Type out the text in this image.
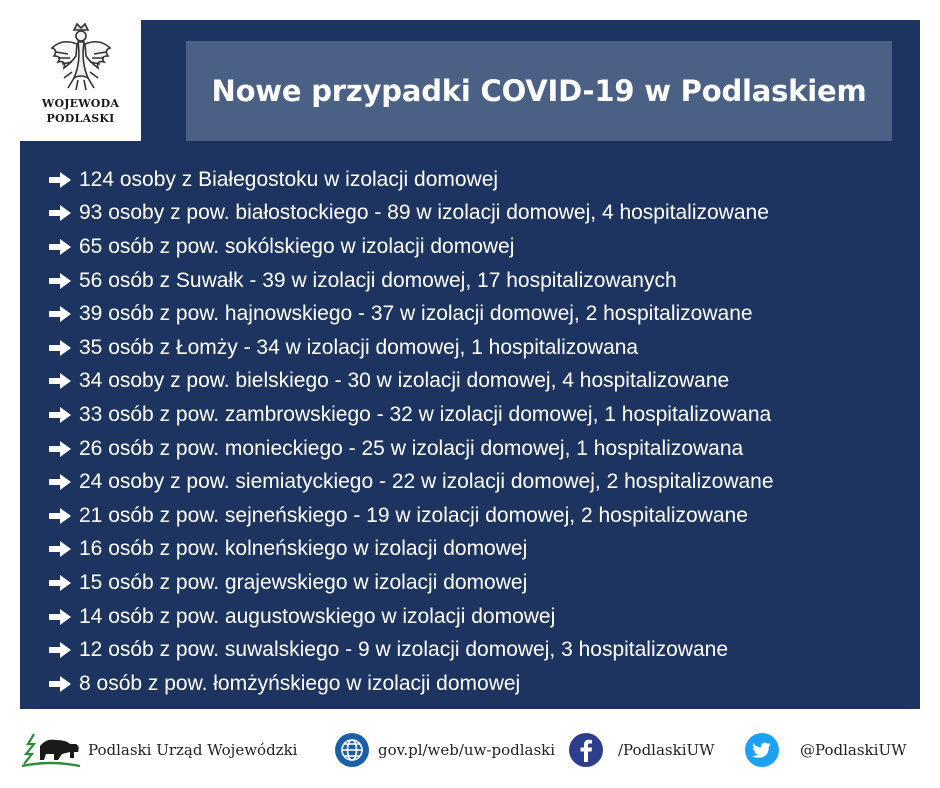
WOJEWODA PODLASKI
Nowe przypadki COVID-19 w Podlaskiem
124 osoby z Białegostoku w izolacji domowej
93 osoby z pow. białostockiego - 89 w izolacji domowej, 4 hospitalizowane
65 osób z pow. sokólskiego w izolacji domowej
56 osób z Suwałk - 39 w izolacji domowej, 17 hospitalizowanych
39 osób z pow. hajnowskiego - 37 w izolacji domowej, 2 hospitalizowane
35 osób z Łomży - 34 w izolacji domowej, 1 hospitalizowana
34 osoby z pow. bielskiego - 30 w izolacji domowej, 4 hospitalizowane
33 osób z pow. zambrowskiego - 32 w izolacji domowej, 1 hospitalizowana
26 osób z pow. monieckiego - 25 w izolacji domowej, 1 hospitalizowana
24 osoby z pow. siemiatyckiego - 22 w izolacji domowej, 2 hospitalizowane
21 osób z pow. sejneńskiego - 19 w izolacji domowej, 2 hospitalizowane
16 osób z pow. kolneńskiego w izolacji domowej
15 osób z pow. grajewskiego w izolacji domowej
14 osób z pow. augustowskiego w izolacji domowej
12 osób z pow. suwalskiego - 9 w izolacji domowej, 3 hospitalizowane
8 osób z pow. łomżyńskiego w izolacji domowej
Podlaski Urząd Wojewódzki	gov.pl/web/uw-podlaski	/PodlaskiUW	@PodlaskiUW
